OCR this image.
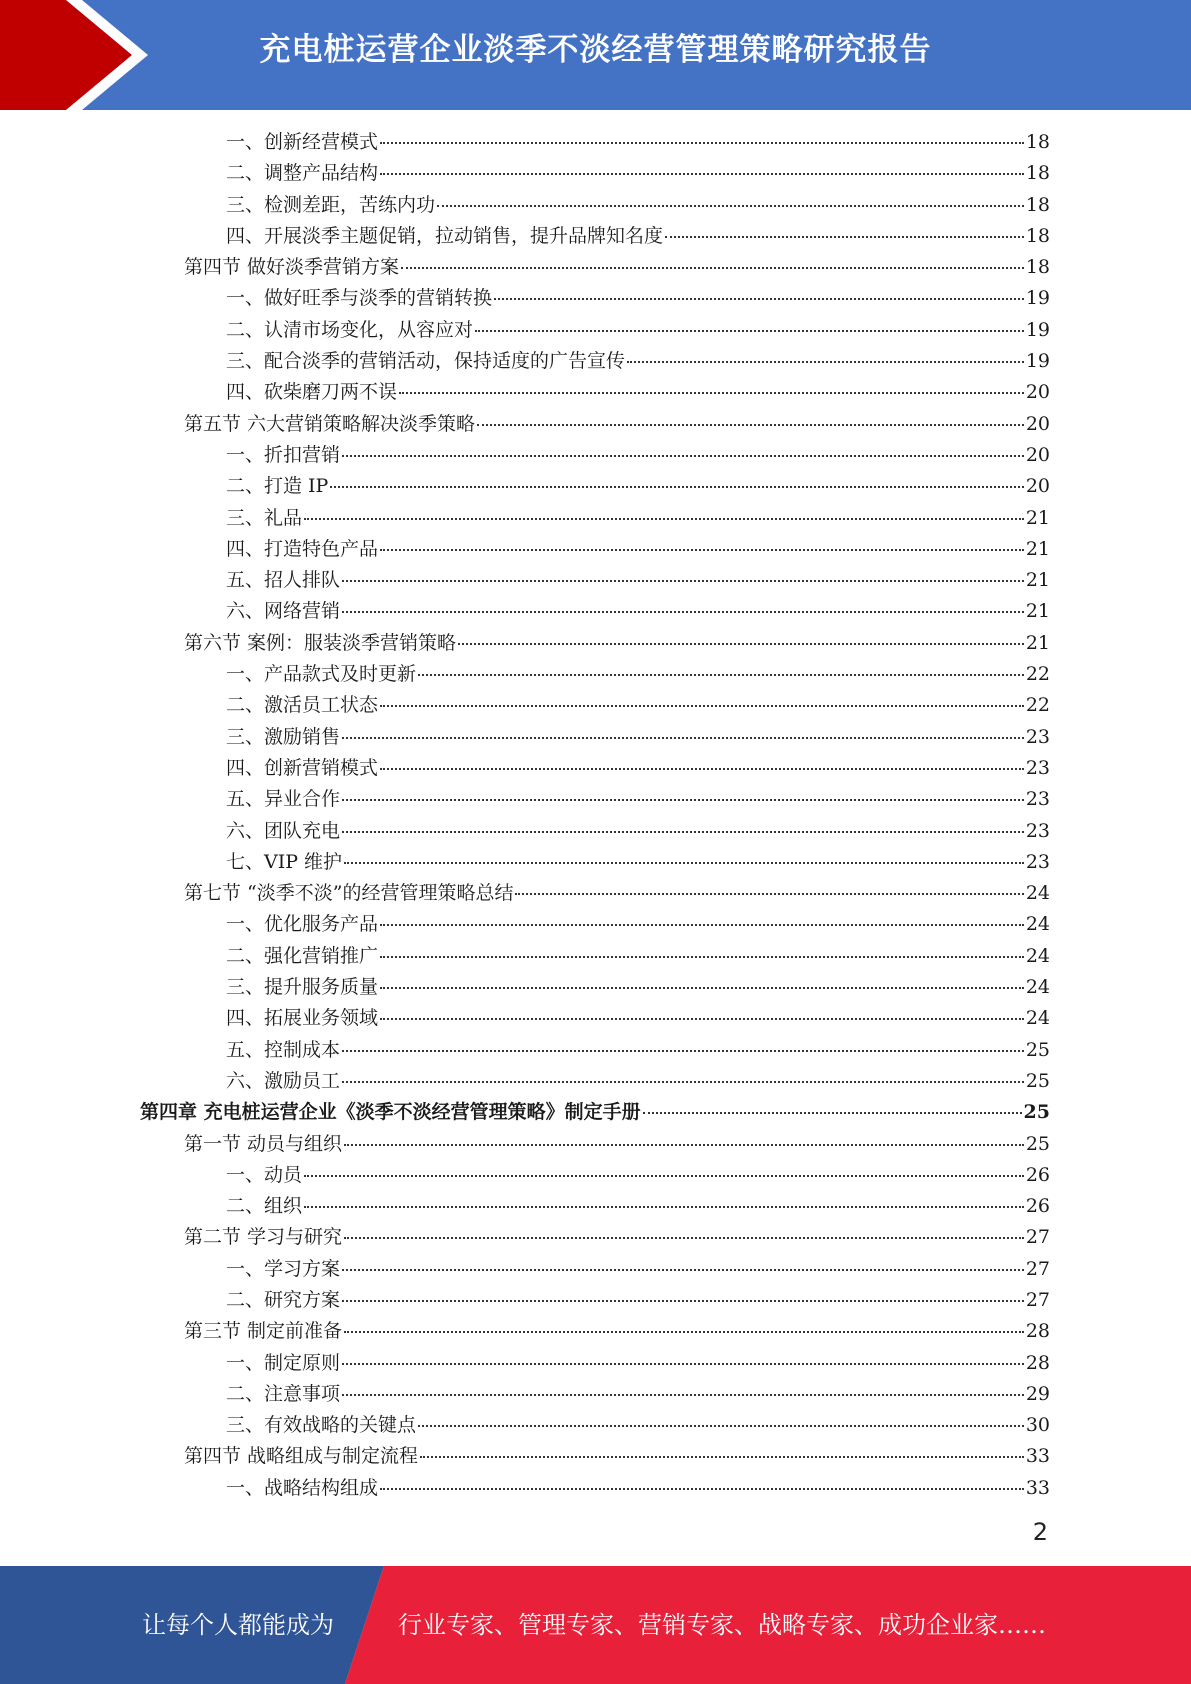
充电桩运营企业淡季不淡经营管理策略研究报告
一、创新经营模式	18
二、调整产品结构	18
三、检测差距，苦练内功	18
四、开展淡季主题促销，拉动销售，提升品牌知名度	18
第四节 做好淡季营销方案	18
一、做好旺季与淡季的营销转换	19
二、认清市场变化，从容应对	19
三、配合淡季的营销活动，保持适度的广告宣传	19
四、砍柴磨刀两不误	20
第五节 六大营销策略解决淡季策略	20
一、折扣营销	20
二、打造 IP	20
三、礼品	21
四、打造特色产品	21
五、招人排队	21
六、网络营销	21
第六节 案例：服装淡季营销策略	21
一、产品款式及时更新	22
二、激活员工状态	22
三、激励销售	23
四、创新营销模式	23
五、异业合作	23
六、团队充电	23
七、VIP 维护	23
第七节 “淡季不淡”的经营管理策略总结	24
一、优化服务产品	24
二、强化营销推广	24
三、提升服务质量	24
四、拓展业务领域	24
五、控制成本	25
六、激励员工	25
第四章 充电桩运营企业《淡季不淡经营管理策略》制定手册	25
第一节 动员与组织	25
一、动员	26
二、组织	26
第二节 学习与研究	27
一、学习方案	27
二、研究方案	27
第三节 制定前准备	28
一、制定原则	28
二、注意事项	29
三、有效战略的关键点	30
第四节 战略组成与制定流程	33
一、战略结构组成	33
2
让每个人都能成为	行业专家、管理专家、营销专家、战略专家、成功企业家……
